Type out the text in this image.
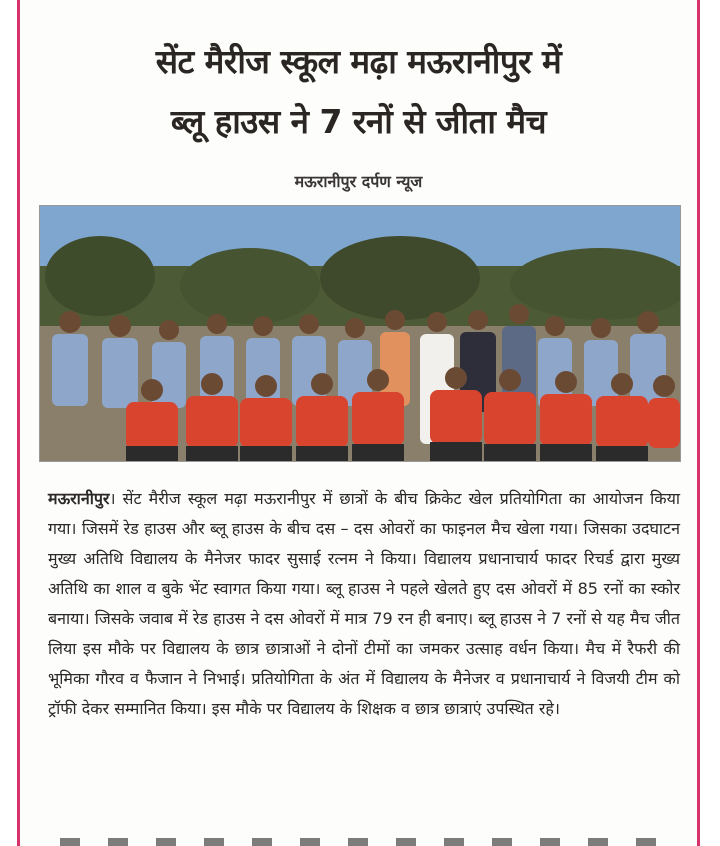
सेंट मैरीज स्कूल मढ़ा मऊरानीपुर में
ब्लू हाउस ने 7 रनों से जीता मैच
मऊरानीपुर दर्पण न्यूज
मऊरानीपुर। सेंट मैरीज स्कूल मढ़ा मऊरानीपुर में छात्रों के बीच क्रिकेट खेल प्रतियोगिता का आयोजन किया गया। जिसमें रेड हाउस और ब्लू हाउस के बीच दस – दस ओवरों का फाइनल मैच खेला गया। जिसका उदघाटन मुख्य अतिथि विद्यालय के मैनेजर फादर सुसाई रत्नम ने किया। विद्यालय प्रधानाचार्य फादर रिचर्ड द्वारा मुख्य अतिथि का शाल व बुके भेंट स्वागत किया गया। ब्लू हाउस ने पहले खेलते हुए दस ओवरों में 85 रनों का स्कोर बनाया। जिसके जवाब में रेड हाउस ने दस ओवरों में मात्र 79 रन ही बनाए। ब्लू हाउस ने 7 रनों से यह मैच जीत लिया इस मौके पर विद्यालय के छात्र छात्राओं ने दोनों टीमों का जमकर उत्साह वर्धन किया। मैच में रैफरी की भूमिका गौरव व फैजान ने निभाई। प्रतियोगिता के अंत में विद्यालय के मैनेजर व प्रधानाचार्य ने विजयी टीम को ट्रॉफी देकर सम्मानित किया। इस मौके पर विद्यालय के शिक्षक व छात्र छात्राएं उपस्थित रहे।
